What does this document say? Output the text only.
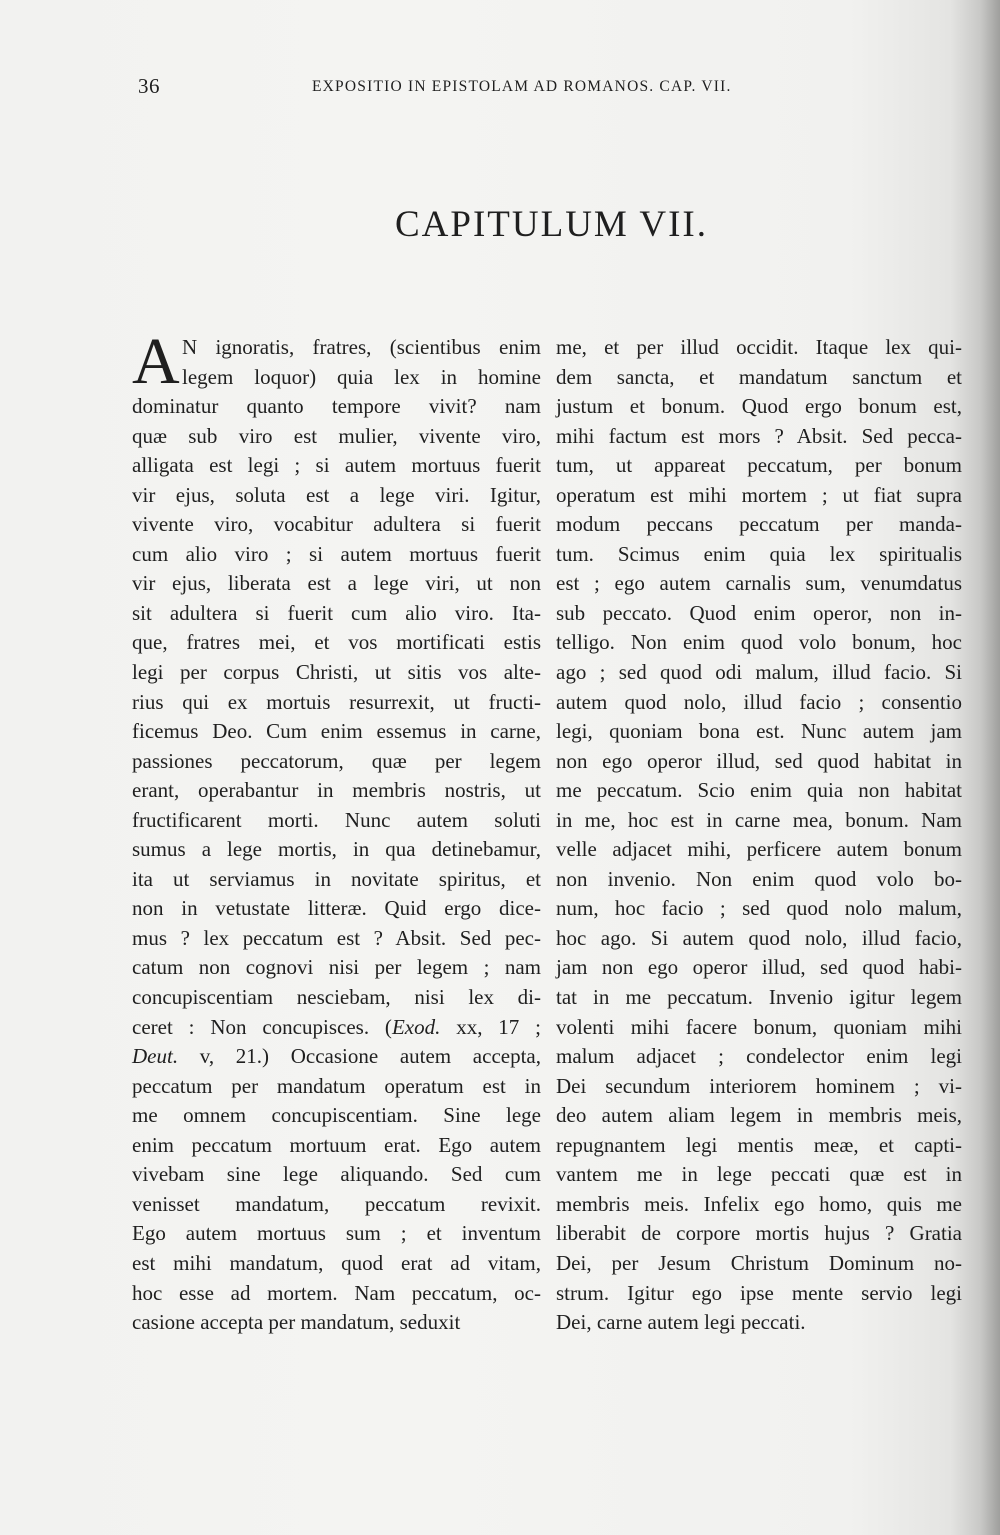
36	EXPOSITIO IN EPISTOLAM AD ROMANOS. CAP. VII.
CAPITULUM VII.
A N ignoratis, fratres, (scientibus enim
legem loquor) quia lex in homine
dominatur quanto tempore vivit? nam
quæ sub viro est mulier, vivente viro,
alligata est legi ; si autem mortuus fuerit
vir ejus, soluta est a lege viri. Igitur,
vivente viro, vocabitur adultera si fuerit
cum alio viro ; si autem mortuus fuerit
vir ejus, liberata est a lege viri, ut non
sit adultera si fuerit cum alio viro. Ita-
que, fratres mei, et vos mortificati estis
legi per corpus Christi, ut sitis vos alte-
rius qui ex mortuis resurrexit, ut fructi-
ficemus Deo. Cum enim essemus in carne,
passiones peccatorum, quæ per legem
erant, operabantur in membris nostris, ut
fructificarent morti. Nunc autem soluti
sumus a lege mortis, in qua detinebamur,
ita ut serviamus in novitate spiritus, et
non in vetustate litteræ. Quid ergo dice-
mus ? lex peccatum est ? Absit. Sed pec-
catum non cognovi nisi per legem ; nam
concupiscentiam nesciebam, nisi lex di-
ceret : Non concupisces. (Exod. xx, 17 ;
Deut. v, 21.) Occasione autem accepta,
peccatum per mandatum operatum est in
me omnem concupiscentiam. Sine lege
enim peccatum mortuum erat. Ego autem
vivebam sine lege aliquando. Sed cum
venisset mandatum, peccatum revixit.
Ego autem mortuus sum ; et inventum
est mihi mandatum, quod erat ad vitam,
hoc esse ad mortem. Nam peccatum, oc-
casione accepta per mandatum, seduxit
me, et per illud occidit. Itaque lex qui-
dem sancta, et mandatum sanctum et
justum et bonum. Quod ergo bonum est,
mihi factum est mors ? Absit. Sed pecca-
tum, ut appareat peccatum, per bonum
operatum est mihi mortem ; ut fiat supra
modum peccans peccatum per manda-
tum. Scimus enim quia lex spiritualis
est ; ego autem carnalis sum, venumdatus
sub peccato. Quod enim operor, non in-
telligo. Non enim quod volo bonum, hoc
ago ; sed quod odi malum, illud facio. Si
autem quod nolo, illud facio ; consentio
legi, quoniam bona est. Nunc autem jam
non ego operor illud, sed quod habitat in
me peccatum. Scio enim quia non habitat
in me, hoc est in carne mea, bonum. Nam
velle adjacet mihi, perficere autem bonum
non invenio. Non enim quod volo bo-
num, hoc facio ; sed quod nolo malum,
hoc ago. Si autem quod nolo, illud facio,
jam non ego operor illud, sed quod habi-
tat in me peccatum. Invenio igitur legem
volenti mihi facere bonum, quoniam mihi
malum adjacet ; condelector enim legi
Dei secundum interiorem hominem ; vi-
deo autem aliam legem in membris meis,
repugnantem legi mentis meæ, et capti-
vantem me in lege peccati quæ est in
membris meis. Infelix ego homo, quis me
liberabit de corpore mortis hujus ? Gratia
Dei, per Jesum Christum Dominum no-
strum. Igitur ego ipse mente servio legi
Dei, carne autem legi peccati.
